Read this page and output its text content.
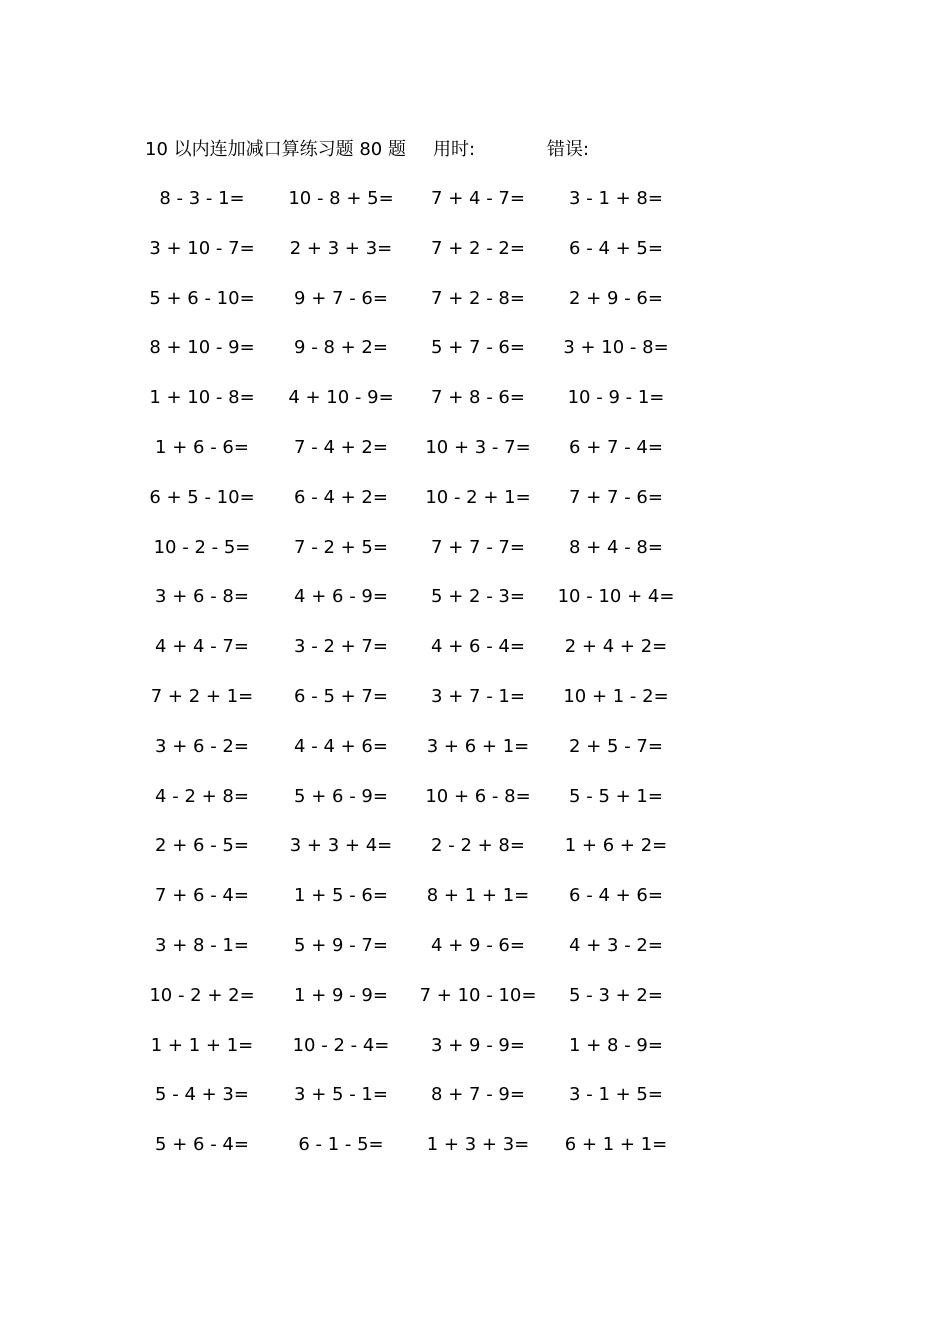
10 以内连加减口算练习题 80 题 用时:	错误:
8 - 3 - 1=	10 - 8 + 5=	7 + 4 - 7=	3 - 1 + 8=
3 + 10 - 7=	2 + 3 + 3=	7 + 2 - 2=	6 - 4 + 5=
5 + 6 - 10=	9 + 7 - 6=	7 + 2 - 8=	2 + 9 - 6=
8 + 10 - 9=	9 - 8 + 2=	5 + 7 - 6=	3 + 10 - 8=
1 + 10 - 8=	4 + 10 - 9=	7 + 8 - 6=	10 - 9 - 1=
1 + 6 - 6=	7 - 4 + 2=	10 + 3 - 7=	6 + 7 - 4=
6 + 5 - 10=	6 - 4 + 2=	10 - 2 + 1=	7 + 7 - 6=
10 - 2 - 5=	7 - 2 + 5=	7 + 7 - 7=	8 + 4 - 8=
3 + 6 - 8=	4 + 6 - 9=	5 + 2 - 3=	10 - 10 + 4=
4 + 4 - 7=	3 - 2 + 7=	4 + 6 - 4=	2 + 4 + 2=
7 + 2 + 1=	6 - 5 + 7=	3 + 7 - 1=	10 + 1 - 2=
3 + 6 - 2=	4 - 4 + 6=	3 + 6 + 1=	2 + 5 - 7=
4 - 2 + 8=	5 + 6 - 9=	10 + 6 - 8=	5 - 5 + 1=
2 + 6 - 5=	3 + 3 + 4=	2 - 2 + 8=	1 + 6 + 2=
7 + 6 - 4=	1 + 5 - 6=	8 + 1 + 1=	6 - 4 + 6=
3 + 8 - 1=	5 + 9 - 7=	4 + 9 - 6=	4 + 3 - 2=
10 - 2 + 2=	1 + 9 - 9=	7 + 10 - 10=	5 - 3 + 2=
1 + 1 + 1=	10 - 2 - 4=	3 + 9 - 9=	1 + 8 - 9=
5 - 4 + 3=	3 + 5 - 1=	8 + 7 - 9=	3 - 1 + 5=
5 + 6 - 4=	6 - 1 - 5=	1 + 3 + 3=	6 + 1 + 1=
